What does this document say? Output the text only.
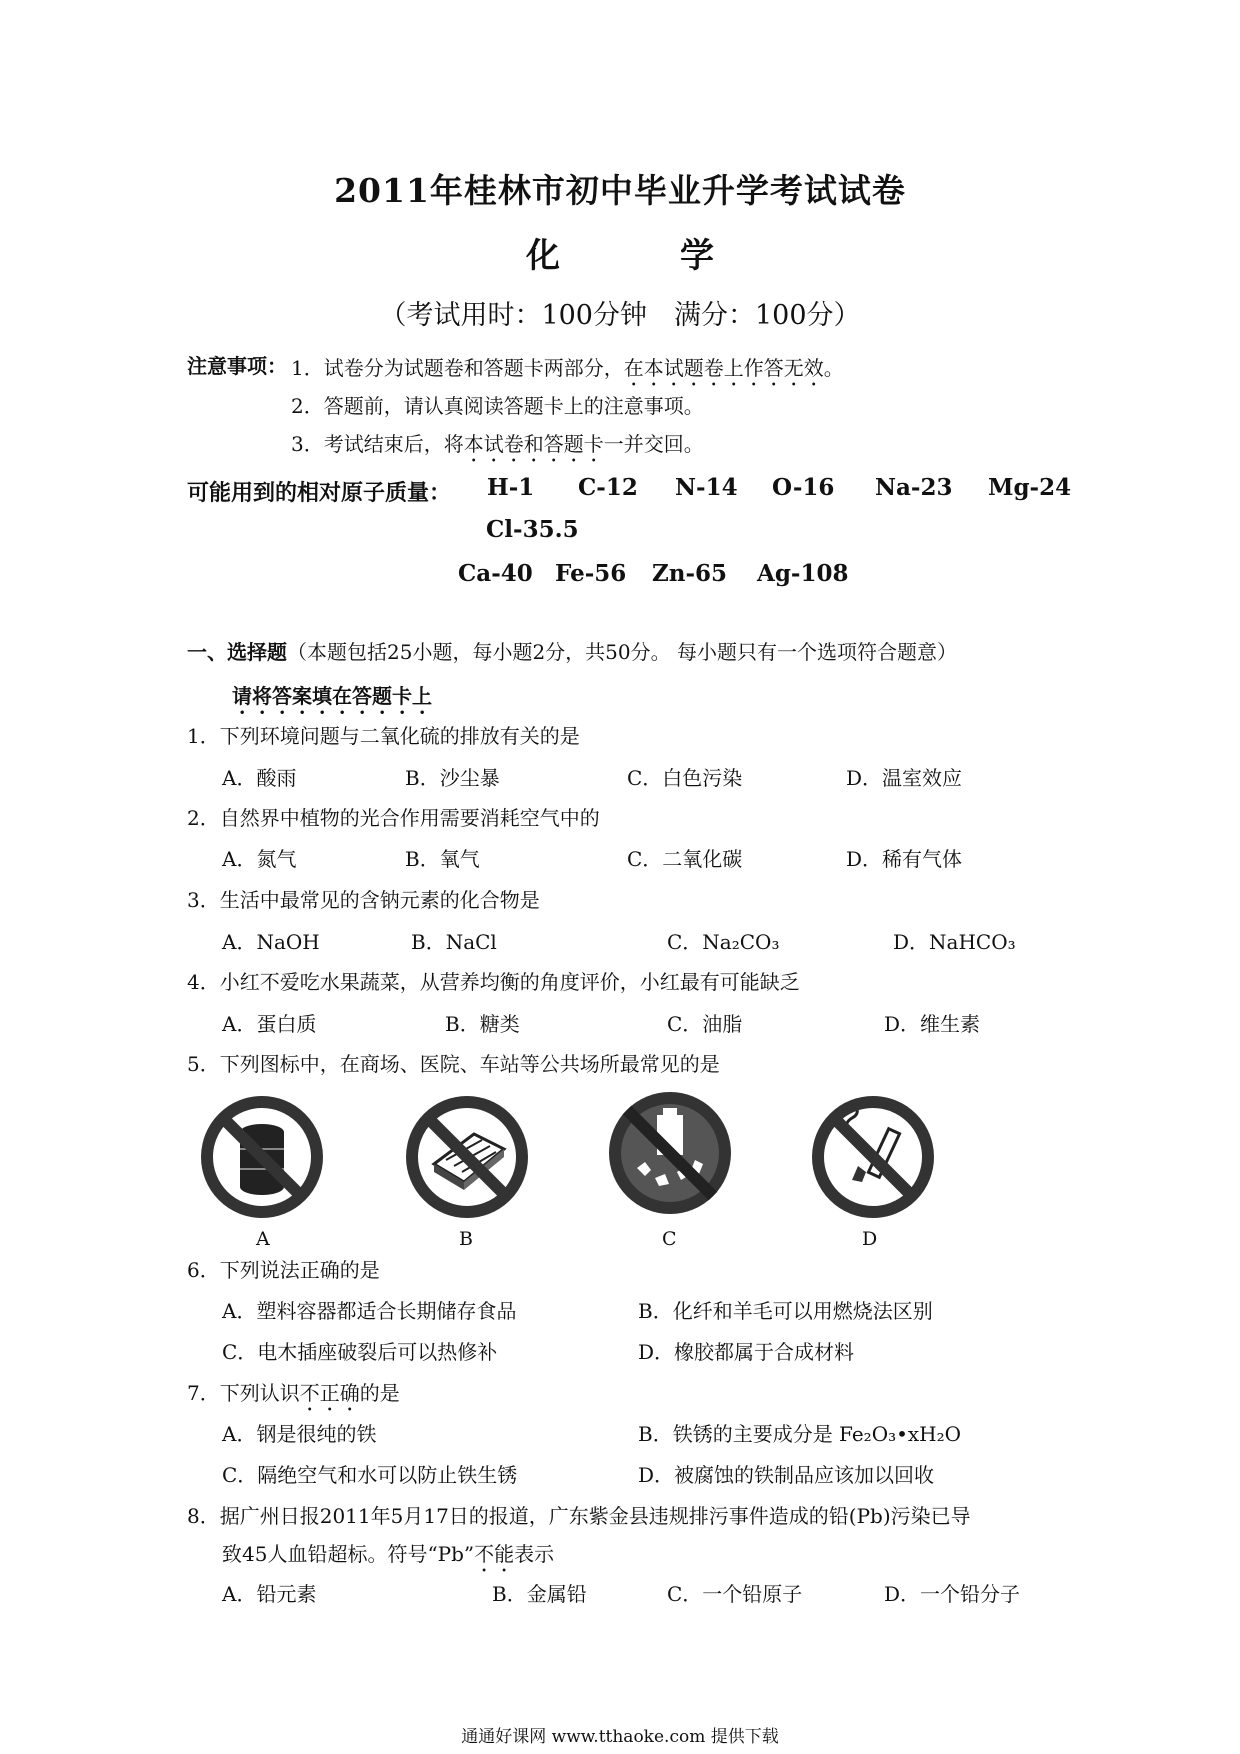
2011年桂林市初中毕业升学考试试卷
化	学
（考试用时：100分钟　满分：100分）
注意事项： 1．试卷分为试题卷和答题卡两部分，在本试题卷上作答无效。
2．答题前，请认真阅读答题卡上的注意事项。
3．考试结束后，将本试卷和答题卡一并交回。
可能用到的相对原子质量： H-1 C-12 N-14 O-16 Na-23 Mg-24
Cl-35.5
Ca-40 Fe-56 Zn-65 Ag-108
一、选择题（本题包括25小题，每小题2分，共50分。 每小题只有一个选项符合题意）
请将答案填在答题卡上
1．下列环境问题与二氧化硫的排放有关的是
A．酸雨	B．沙尘暴	C．白色污染	D．温室效应
2．自然界中植物的光合作用需要消耗空气中的
A．氮气	B．氧气	C．二氧化碳	D．稀有气体
3．生活中最常见的含钠元素的化合物是
A．NaOH	B．NaCl	C．Na₂CO₃	D．NaHCO₃
4．小红不爱吃水果蔬菜，从营养均衡的角度评价，小红最有可能缺乏
A．蛋白质	B．糖类	C．油脂	D．维生素
5．下列图标中，在商场、医院、车站等公共场所最常见的是
A	B	C	D
6．下列说法正确的是
A．塑料容器都适合长期储存食品	B．化纤和羊毛可以用燃烧法区别
C．电木插座破裂后可以热修补	D．橡胶都属于合成材料
7．下列认识不正确的是
A．钢是很纯的铁	B．铁锈的主要成分是 Fe₂O₃•xH₂O
C．隔绝空气和水可以防止铁生锈	D．被腐蚀的铁制品应该加以回收
8．据广州日报2011年5月17日的报道，广东紫金县违规排污事件造成的铅(Pb)污染已导
致45人血铅超标。符号“Pb”不能表示
A．铅元素	B．金属铅	C．一个铅原子	D．一个铅分子
通通好课网 www.tthaoke.com 提供下载
